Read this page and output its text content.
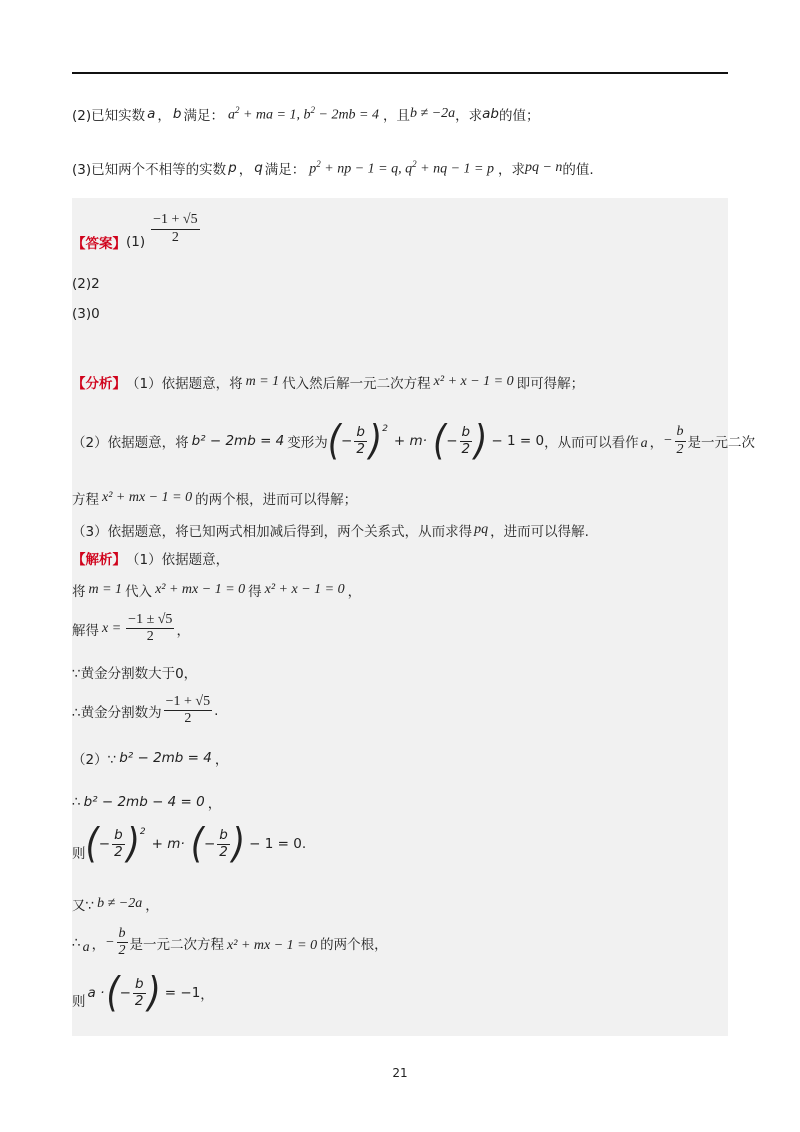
(2)已知实数 a ， b 满足： $a^2$ + ma = 1, $b^2 - 2mb = 4$ ，且 b ≠ −2a ，求 ab 的值；
(3)已知两个不相等的实数 p ， q 满足： $p^2$ + np − 1 = q, $q^2$ + nq − 1 = p ，求 pq − n 的值.
【答案】 $(1) \frac{-1 + √5}{2}$
(2)2
(3)0
【分析】 （1）依据题意，将 m = 1 代入然后解一元二次方程 x² + x − 1 = 0 即可得解；
（2）依据题意，将 b² − 2mb = 4 变形为 ( − $\frac{b}{2} )^2$
+ m· ( − $\frac{b}{2}$ ) − 1 = 0 ，从而可以看作 a ， − $\frac{b}{2}$ 是一元二次
方程 x² + mx − 1 = 0 的两个根，进而可以得解；
（3）依据题意，将已知两式相加减后得到，两个关系式，从而求得 pq ，进而可以得解.
【解析】 （1）依据题意，
将 m = 1 代入 x² + mx − 1 = 0 得 x² + x − 1 = 0 ，
解得 $x = \frac{-1 \pm √5}{2}$ ，
∵黄金分割数大于0，
∴黄金分割数为 $\frac{-1 + √5}{2}$ .
（2）∵ b² − 2mb = 4 ，
∴ b² − 2mb − 4 = 0 ，
则 ( − $\frac{b}{2} )^2$
+ m· ( − $\frac{b}{2}$ ) − 1 = 0 .
又∵ b ≠ −2a ，
∴ a ， − $\frac{b}{2}$ 是一元二次方程 x² + mx − 1 = 0 的两个根，
则
a · ( − $\frac{b}{2}$ ) = −1 ，
21
